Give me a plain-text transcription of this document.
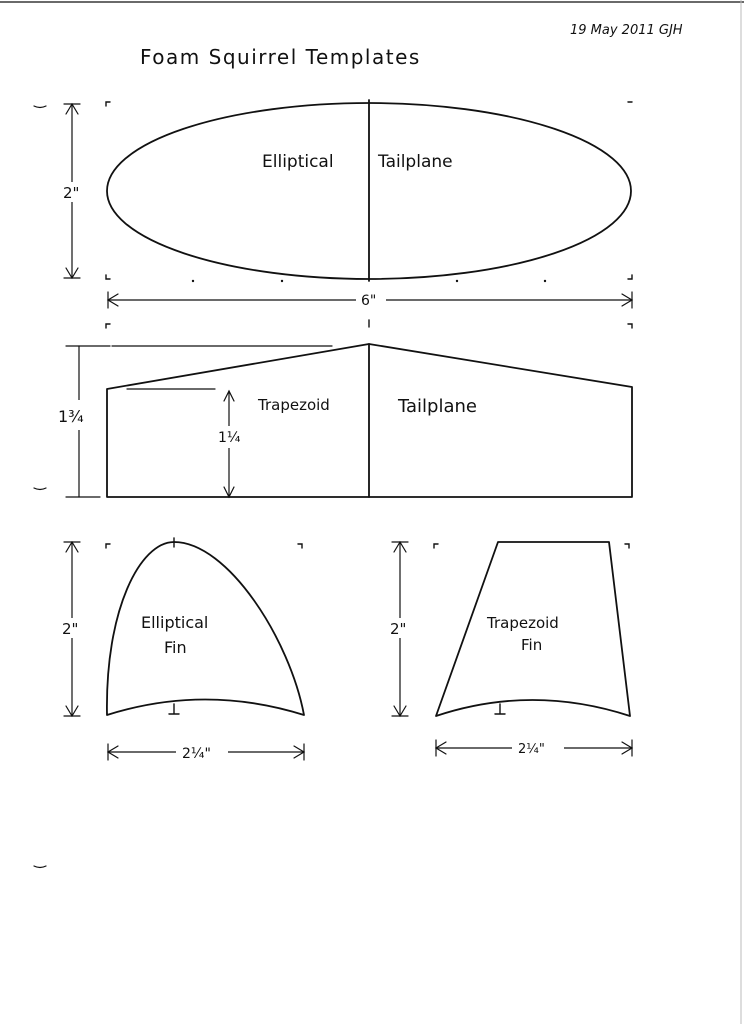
19 May 2011 GJH
Foam Squirrel Templates
Elliptical	Tailplane
2"
6"
Trapezoid	Tailplane
1¾
1¼
Elliptical
Fin
2"
2¼"
Trapezoid
Fin
2"
2¼"
